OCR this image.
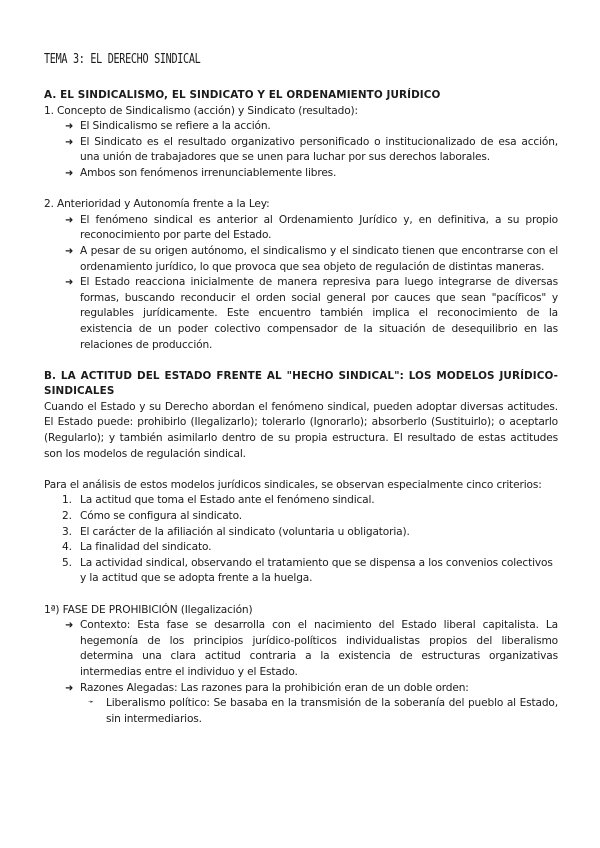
TEMA 3: EL DERECHO SINDICAL

A. EL SINDICALISMO, EL SINDICATO Y EL ORDENAMIENTO JURÍDICO

1. Concepto de Sindicalismo (acción) y Sindicato (resultado):

➜ El Sindicalismo se refiere a la acción.
➜ El Sindicato es el resultado organizativo personificado o institucionalizado de esa acción, una unión de trabajadores que se unen para luchar por sus derechos laborales.
➜ Ambos son fenómenos irrenunciablemente libres.

2. Anterioridad y Autonomía frente a la Ley:

➜ El fenómeno sindical es anterior al Ordenamiento Jurídico y, en definitiva, a su propio reconocimiento por parte del Estado.
➜ A pesar de su origen autónomo, el sindicalismo y el sindicato tienen que encontrarse con el ordenamiento jurídico, lo que provoca que sea objeto de regulación de distintas maneras.
➜ El Estado reacciona inicialmente de manera represiva para luego integrarse de diversas formas, buscando reconducir el orden social general por cauces que sean "pacíficos" y regulables jurídicamente. Este encuentro también implica el reconocimiento de la existencia de un poder colectivo compensador de la situación de desequilibrio en las relaciones de producción.

B. LA ACTITUD DEL ESTADO FRENTE AL "HECHO SINDICAL": LOS MODELOS JURÍDICO-SINDICALES

Cuando el Estado y su Derecho abordan el fenómeno sindical, pueden adoptar diversas actitudes. El Estado puede: prohibirlo (Ilegalizarlo); tolerarlo (Ignorarlo); absorberlo (Sustituirlo); o aceptarlo (Regularlo); y también asimilarlo dentro de su propia estructura. El resultado de estas actitudes son los modelos de regulación sindical.

Para el análisis de estos modelos jurídicos sindicales, se observan especialmente cinco criterios:

1. La actitud que toma el Estado ante el fenómeno sindical.
2. Cómo se configura al sindicato.
3. El carácter de la afiliación al sindicato (voluntaria u obligatoria).
4. La finalidad del sindicato.
5. La actividad sindical, observando el tratamiento que se dispensa a los convenios colectivos y la actitud que se adopta frente a la huelga.

1ª) FASE DE PROHIBICIÓN (Ilegalización)

➜ Contexto: Esta fase se desarrolla con el nacimiento del Estado liberal capitalista. La hegemonía de los principios jurídico-políticos individualistas propios del liberalismo determina una clara actitud contraria a la existencia de estructuras organizativas intermedias entre el individuo y el Estado.
➜ Razones Alegadas: Las razones para la prohibición eran de un doble orden:
➛ Liberalismo político: Se basaba en la transmisión de la soberanía del pueblo al Estado, sin intermediarios.
